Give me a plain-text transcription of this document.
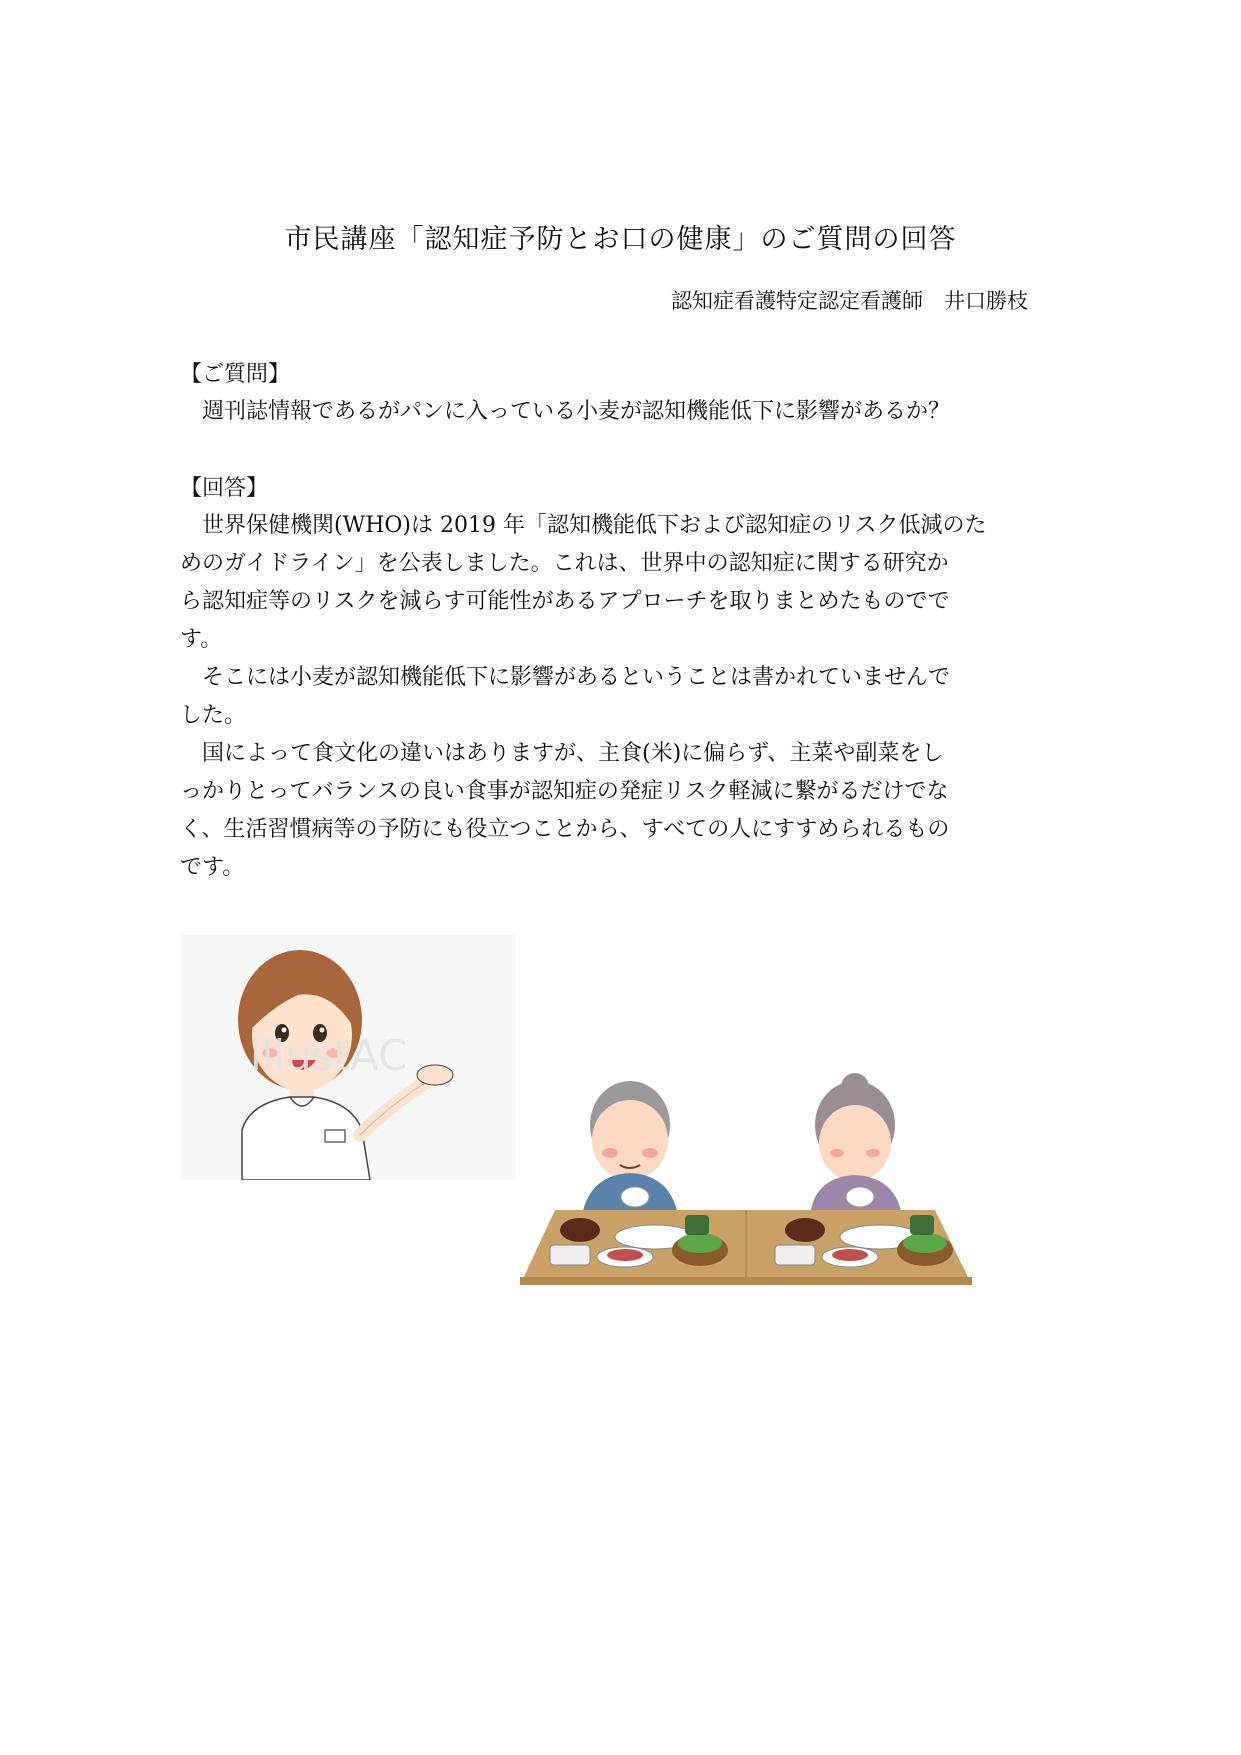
市民講座「認知症予防とお口の健康」のご質問の回答
認知症看護特定認定看護師　井口勝枝
【ご質問】
　週刊誌情報であるがパンに入っている小麦が認知機能低下に影響があるか？
【回答】
　世界保健機関(WHO)は 2019 年「認知機能低下および認知症のリスク低減のた
めのガイドライン」を公表しました。これは、世界中の認知症に関する研究か
ら認知症等のリスクを減らす可能性があるアプローチを取りまとめたものでで
す。
　そこには小麦が認知機能低下に影響があるということは書かれていませんで
した。
　国によって食文化の違いはありますが、主食(米)に偏らず、主菜や副菜をし
っかりとってバランスの良い食事が認知症の発症リスク軽減に繋がるだけでな
く、生活習慣病等の予防にも役立つことから、すべての人にすすめられるもの
です。
illustAC
